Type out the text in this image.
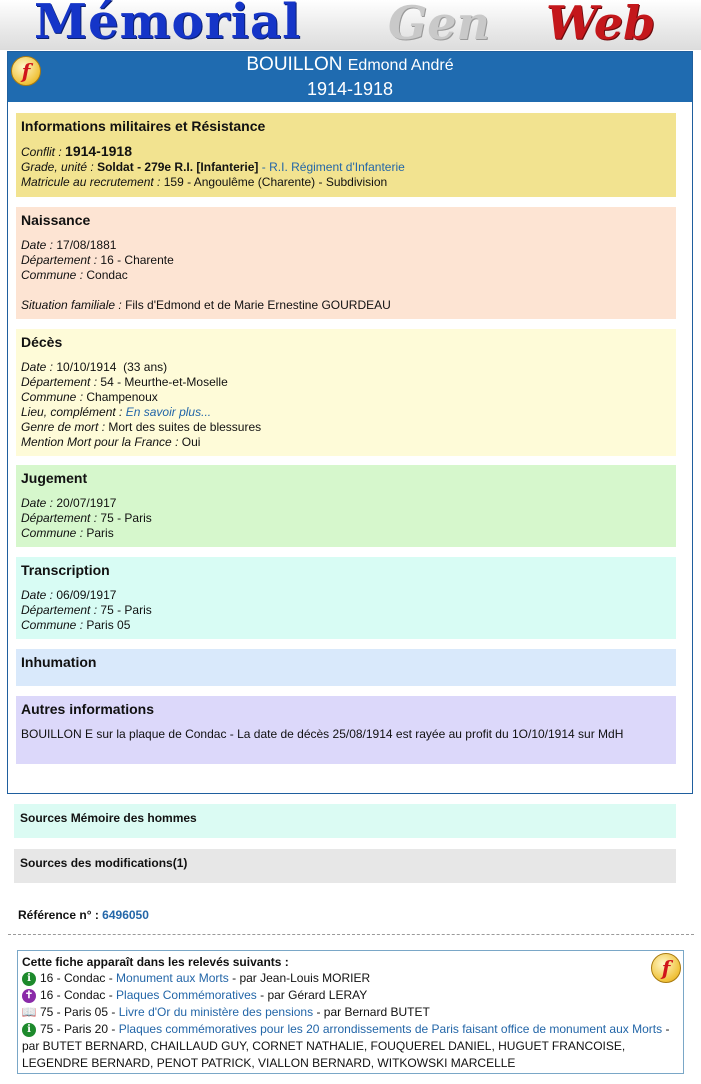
Mémorial Gen Web
f	BOUILLON Edmond André
1914-1918
Informations militaires et Résistance
Conflit : 1914-1918
Grade, unité : Soldat - 279e R.I. [Infanterie] - R.I. Régiment d'Infanterie
Matricule au recrutement : 159 - Angoulême (Charente) - Subdivision
Naissance
Date : 17/08/1881
Département : 16 - Charente
Commune : Condac
Situation familiale : Fils d'Edmond et de Marie Ernestine GOURDEAU
Décès
Date : 10/10/1914  (33 ans)
Département : 54 - Meurthe-et-Moselle
Commune : Champenoux
Lieu, complément : En savoir plus...
Genre de mort : Mort des suites de blessures
Mention Mort pour la France : Oui
Jugement
Date : 20/07/1917
Département : 75 - Paris
Commune : Paris
Transcription
Date : 06/09/1917
Département : 75 - Paris
Commune : Paris 05
Inhumation
Autres informations
BOUILLON E sur la plaque de Condac - La date de décès 25/08/1914 est rayée au profit du 1O/10/1914 sur MdH
Sources Mémoire des hommes
Sources des modifications(1)
Référence n° : 6496050
f
Cette fiche apparaît dans les relevés suivants :
i 16 - Condac -
Monument aux Morts
- par Jean-Louis MORIER
✝ 16 - Condac -
Plaques Commémoratives
- par Gérard LERAY
📖 75 - Paris 05 -
Livre d'Or du ministère des pensions
- par Bernard BUTET
i 75 - Paris 20 -
Plaques commémoratives pour les 20 arrondissements de Paris faisant office de monument aux Morts
-
par BUTET BERNARD, CHAILLAUD GUY, CORNET NATHALIE, FOUQUEREL DANIEL, HUGUET FRANCOISE, LEGENDRE BERNARD, PENOT PATRICK, VIALLON BERNARD, WITKOWSKI MARCELLE
